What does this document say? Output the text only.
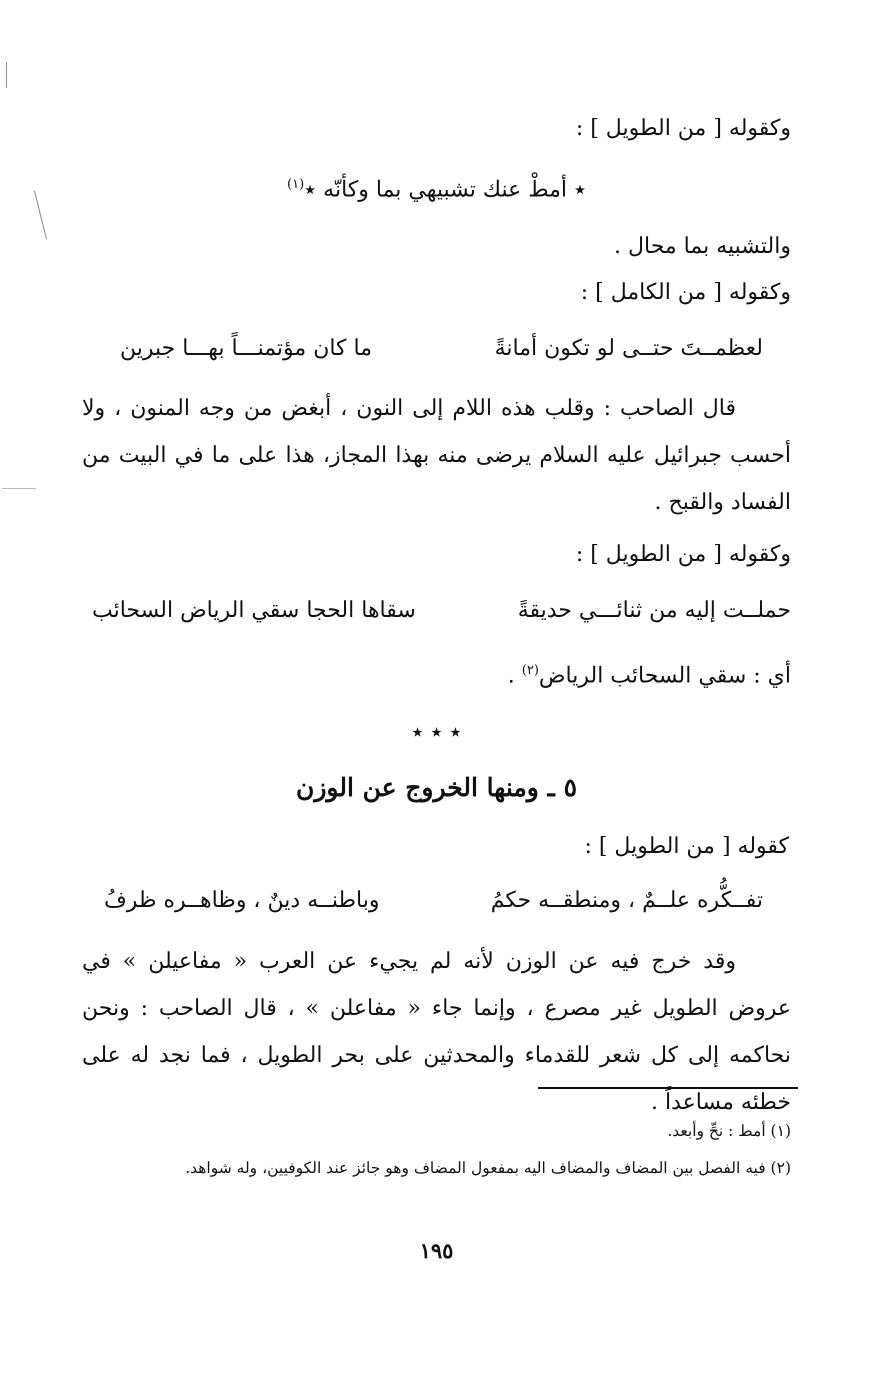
وكقوله [ من الطويل ] :
٭ أمطْ عنك تشبيهي بما وكأنّه ٭$^{(١)}$
والتشبيه بما محال .
وكقوله [ من الكامل ] :
لعظمــتَ حتــى لو تكون أمانةً
ما كان مؤتمنـــاً بهـــا جبرين
قال الصاحب : وقلب هذه اللام إلى النون ، أبغض من وجه المنون ، ولا أحسب جبرائيل عليه السلام يرضى منه بهذا المجاز، هذا على ما في البيت من الفساد والقبح .
وكقوله [ من الطويل ] :
حملــت إليه من ثنائـــي حديقةً
سقاها الحجا سقي الرياض السحائب
أي : سقي السحائب الرياض$^{(٢)}$ .
٭ ٭ ٭
٥ ـ ومنها الخروج عن الوزن
كقوله [ من الطويل ] :
تفــكُّره علــمٌ ، ومنطقــه حكمُ
وباطنــه دينٌ ، وظاهــره ظرفُ
وقد خرج فيه عن الوزن لأنه لم يجيء عن العرب « مفاعيلن » في عروض الطويل غير مصرع ، وإنما جاء « مفاعلن » ، قال الصاحب : ونحن نحاكمه إلى كل شعر للقدماء والمحدثين على بحر الطويل ، فما نجد له على خطئه مساعداً .
(١) أمط : نحِّ وأبعد.
(٢) فيه الفصل بين المضاف والمضاف اليه بمفعول المضاف وهو جائز عند الكوفيين، وله شواهد.
١٩٥
